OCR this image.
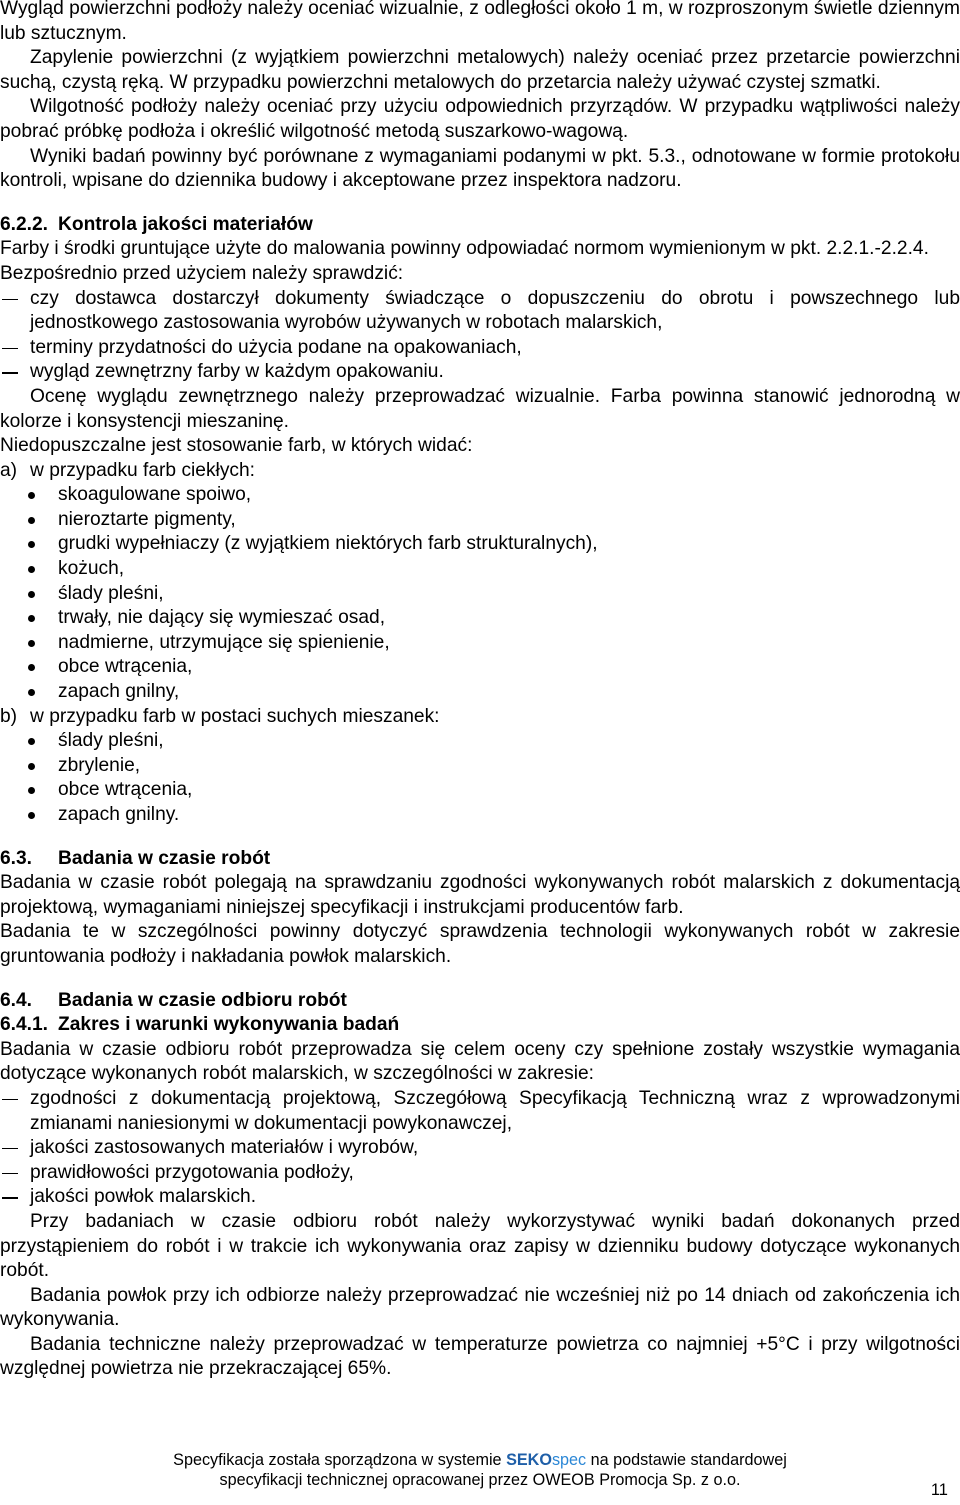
Wygląd powierzchni podłoży należy oceniać wizualnie, z odległości około 1 m, w rozproszonym świetle dziennym lub sztucznym.

Zapylenie powierzchni (z wyjątkiem powierzchni metalowych) należy oceniać przez przetarcie powierzchni suchą, czystą ręką. W przypadku powierzchni metalowych do przetarcia należy używać czystej szmatki.

Wilgotność podłoży należy oceniać przy użyciu odpowiednich przyrządów. W przypadku wątpliwości należy pobrać próbkę podłoża i określić wilgotność metodą suszarkowo-wagową.

Wyniki badań powinny być porównane z wymaganiami podanymi w pkt. 5.3., odnotowane w formie protokołu kontroli, wpisane do dziennika budowy i akceptowane przez inspektora nadzoru.

6.2.2. Kontrola jakości materiałów

Farby i środki gruntujące użyte do malowania powinny odpowiadać normom wymienionym w pkt. 2.2.1.-2.2.4.

Bezpośrednio przed użyciem należy sprawdzić:

czy dostawca dostarczył dokumenty świadczące o dopuszczeniu do obrotu i powszechnego lub jednostkowego zastosowania wyrobów używanych w robotach malarskich,
terminy przydatności do użycia podane na opakowaniach,
wygląd zewnętrzny farby w każdym opakowaniu.

Ocenę wyglądu zewnętrznego należy przeprowadzać wizualnie. Farba powinna stanowić jednorodną w kolorze i konsystencji mieszaninę.

Niedopuszczalne jest stosowanie farb, w których widać:

a) w przypadku farb ciekłych:
skoagulowane spoiwo,
nieroztarte pigmenty,
grudki wypełniaczy (z wyjątkiem niektórych farb strukturalnych),
kożuch,
ślady pleśni,
trwały, nie dający się wymieszać osad,
nadmierne, utrzymujące się spienienie,
obce wtrącenia,
zapach gnilny,
b) w przypadku farb w postaci suchych mieszanek:
ślady pleśni,
zbrylenie,
obce wtrącenia,
zapach gnilny.
6.3. Badania w czasie robót

Badania w czasie robót polegają na sprawdzaniu zgodności wykonywanych robót malarskich z dokumentacją projektową, wymaganiami niniejszej specyfikacji i instrukcjami producentów farb.

Badania te w szczególności powinny dotyczyć sprawdzenia technologii wykonywanych robót w zakresie gruntowania podłoży i nakładania powłok malarskich.

6.4. Badania w czasie odbioru robót
6.4.1. Zakres i warunki wykonywania badań

Badania w czasie odbioru robót przeprowadza się celem oceny czy spełnione zostały wszystkie wymagania dotyczące wykonanych robót malarskich, w szczególności w zakresie:

zgodności z dokumentacją projektową, Szczegółową Specyfikacją Techniczną wraz z wprowadzonymi zmianami naniesionymi w dokumentacji powykonawczej,
jakości zastosowanych materiałów i wyrobów,
prawidłowości przygotowania podłoży,
jakości powłok malarskich.

Przy badaniach w czasie odbioru robót należy wykorzystywać wyniki badań dokonanych przed przystąpieniem do robót i w trakcie ich wykonywania oraz zapisy w dzienniku budowy dotyczące wykonanych robót.

Badania powłok przy ich odbiorze należy przeprowadzać nie wcześniej niż po 14 dniach od zakończenia ich wykonywania.

Badania techniczne należy przeprowadzać w temperaturze powietrza co najmniej +5°C i przy wilgotności względnej powietrza nie przekraczającej 65%.

Specyfikacja została sporządzona w systemie SEKOspec na podstawie standardowej
specyfikacji technicznej opracowanej przez OWEOB Promocja Sp. z o.o.
11
